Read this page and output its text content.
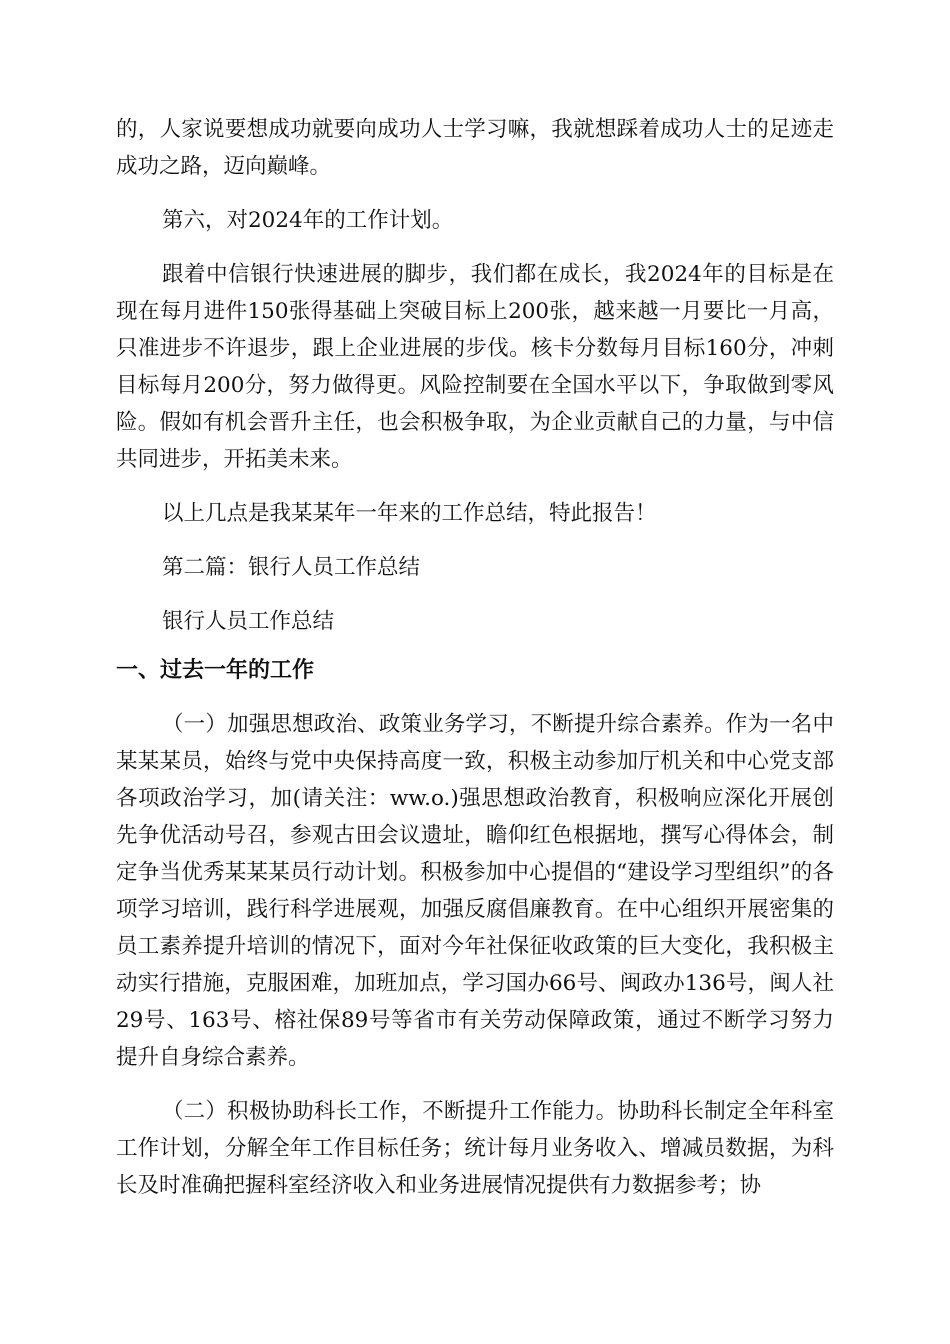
的，人家说要想成功就要向成功人士学习嘛，我就想踩着成功人士的足迹走成功之路，迈向巅峰。

第六，对2024年的工作计划。

跟着中信银行快速进展的脚步，我们都在成长，我2024年的目标是在现在每月进件150张得基础上突破目标上200张，越来越一月要比一月高，只准进步不许退步，跟上企业进展的步伐。核卡分数每月目标160分，冲刺目标每月200分，努力做得更。风险控制要在全国水平以下，争取做到零风险。假如有机会晋升主任，也会积极争取，为企业贡献自己的力量，与中信共同进步，开拓美未来。

以上几点是我某某年一年来的工作总结，特此报告！

第二篇：银行人员工作总结

银行人员工作总结

一、过去一年的工作

（一）加强思想政治、政策业务学习，不断提升综合素养。作为一名中某某某员，始终与党中央保持高度一致，积极主动参加厅机关和中心党支部各项政治学习，加(请关注：ww.o.)强思想政治教育，积极响应深化开展创先争优活动号召，参观古田会议遗址，瞻仰红色根据地，撰写心得体会，制定争当优秀某某某员行动计划。积极参加中心提倡的“建设学习型组织”的各项学习培训，践行科学进展观，加强反腐倡廉教育。在中心组织开展密集的员工素养提升培训的情况下，面对今年社保征收政策的巨大变化，我积极主动实行措施，克服困难，加班加点，学习国办66号、闽政办136号，闽人社29号、163号、榕社保89号等省市有关劳动保障政策，通过不断学习努力提升自身综合素养。

（二）积极协助科长工作，不断提升工作能力。协助科长制定全年科室工作计划，分解全年工作目标任务；统计每月业务收入、增减员数据，为科长及时准确把握科室经济收入和业务进展情况提供有力数据参考；协
